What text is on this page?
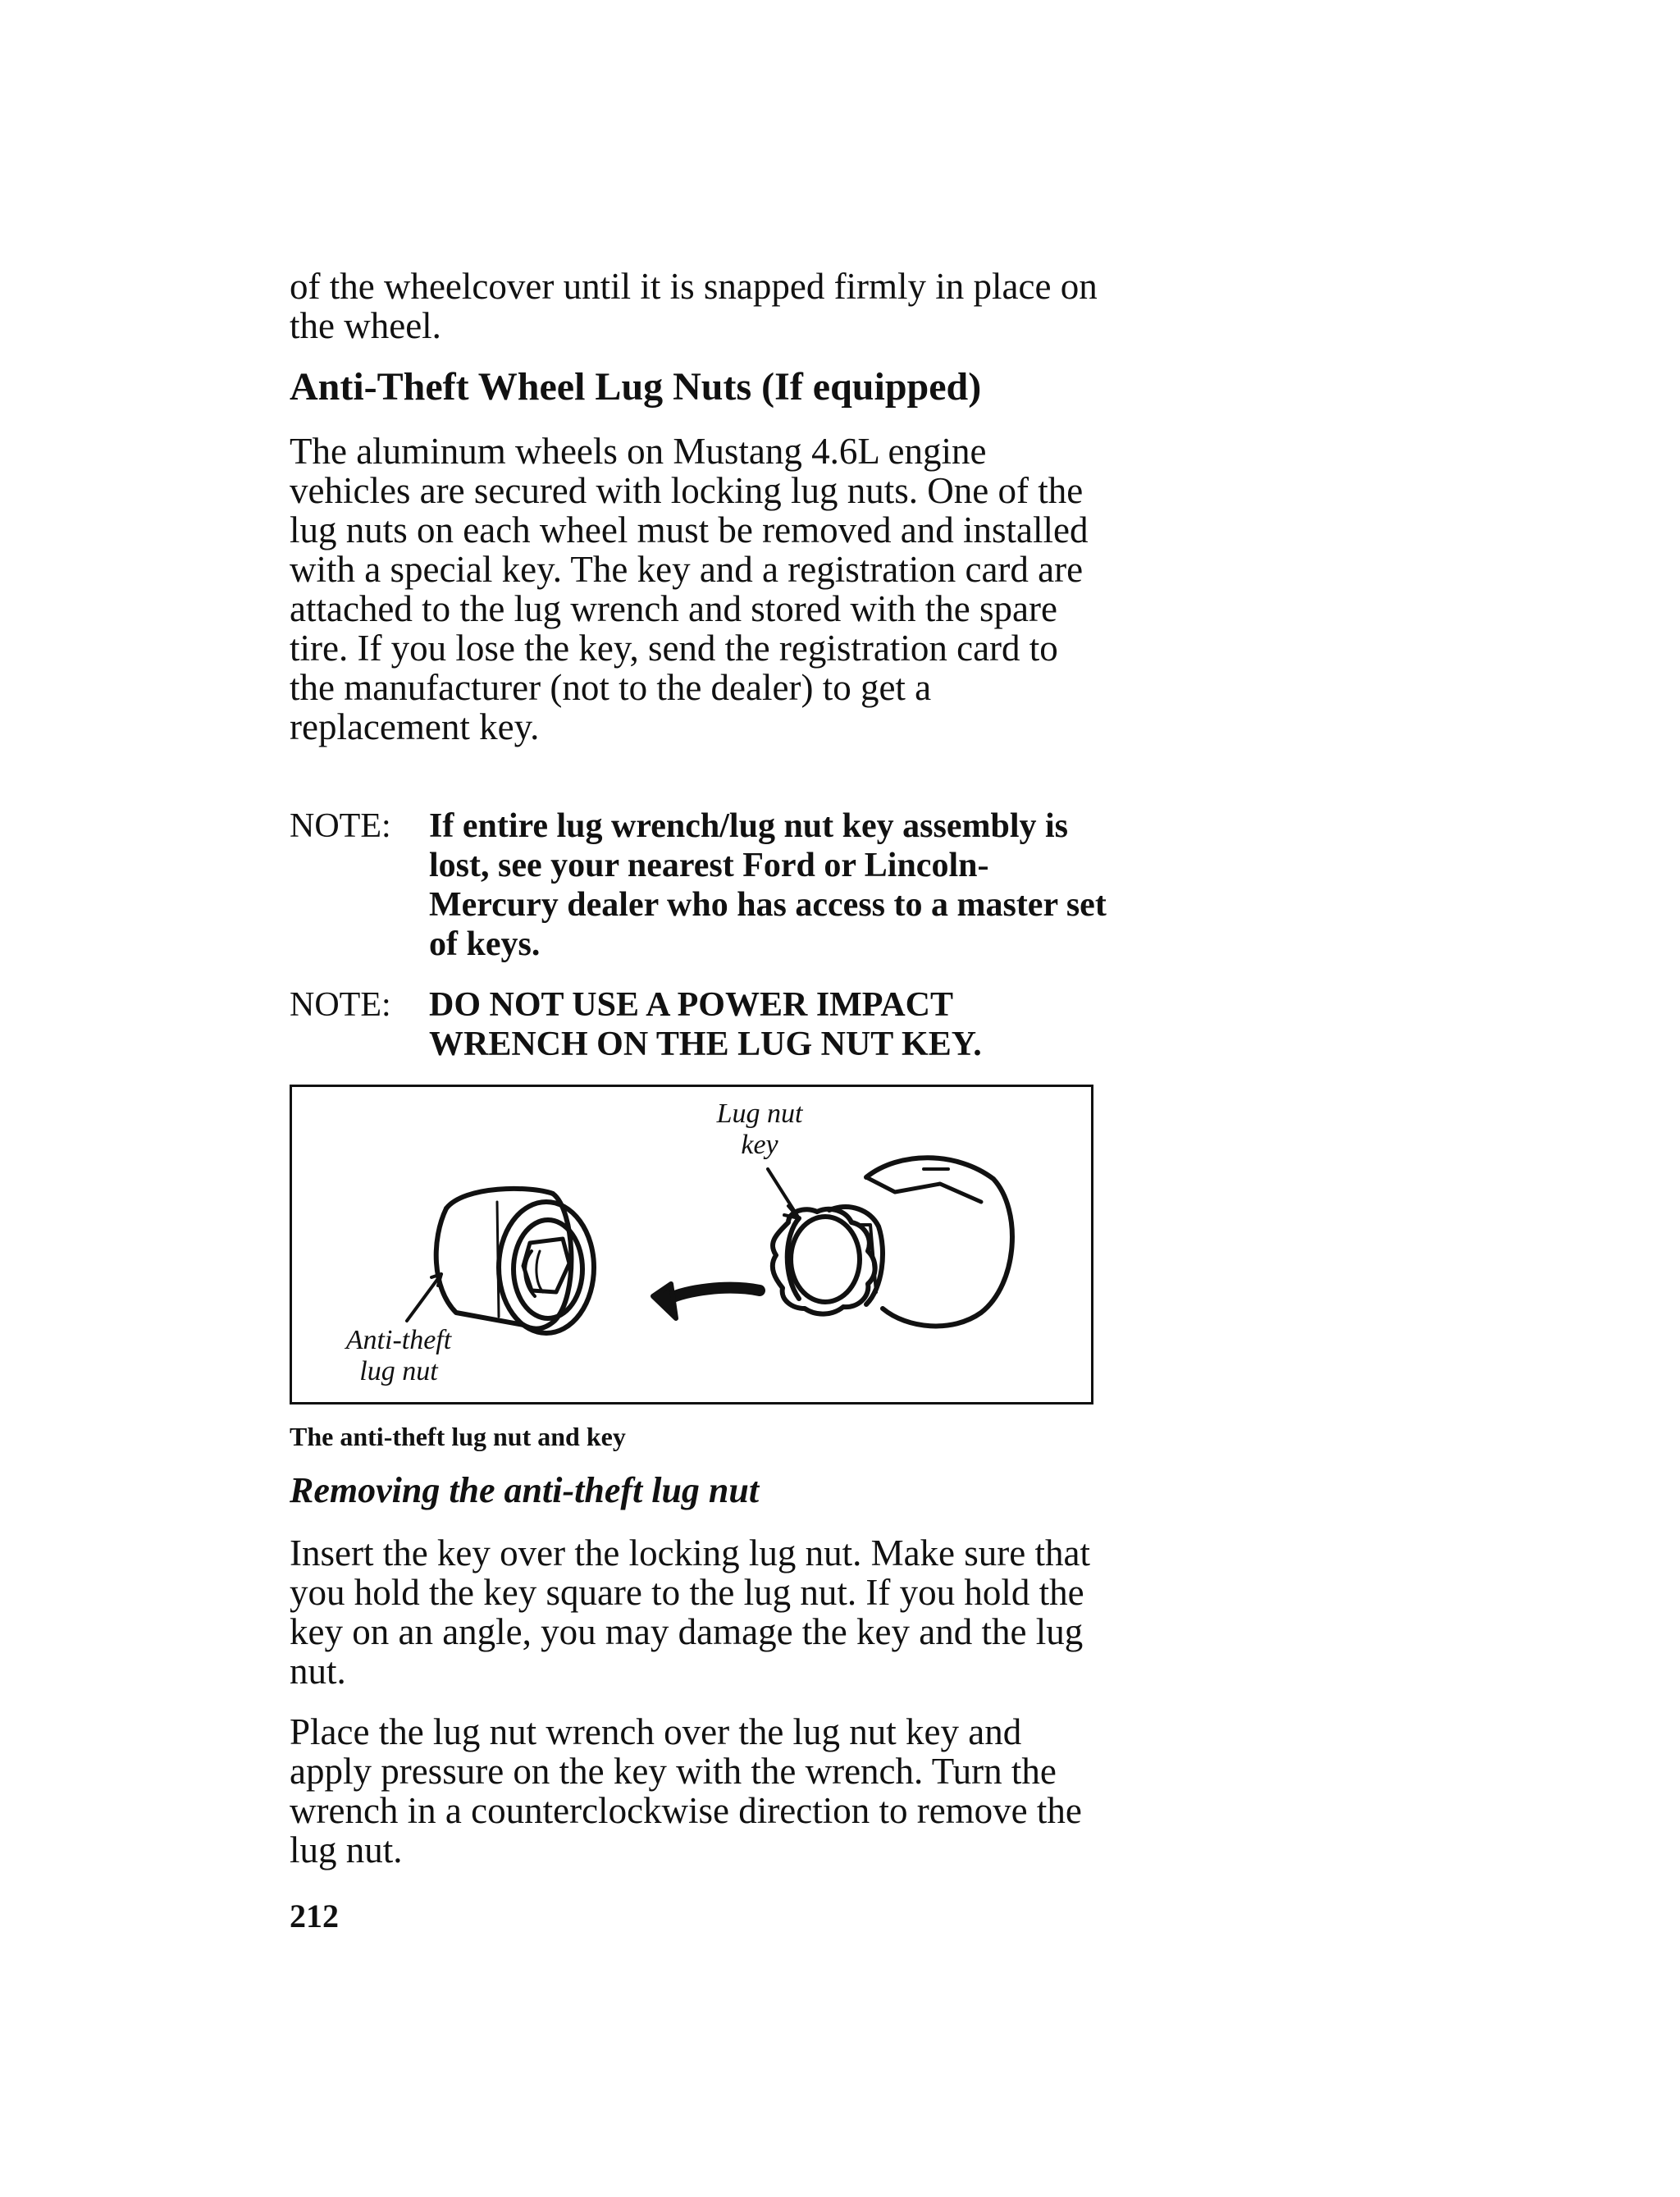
of the wheelcover until it is snapped firmly in place on the wheel.

Anti-Theft Wheel Lug Nuts (If equipped)

The aluminum wheels on Mustang 4.6L engine vehicles are secured with locking lug nuts. One of the lug nuts on each wheel must be removed and installed with a special key. The key and a registration card are attached to the lug wrench and stored with the spare tire. If you lose the key, send the registration card to the manufacturer (not to the dealer) to get a replacement key.

NOTE: If entire lug wrench/lug nut key assembly is lost, see your nearest Ford or Lincoln-Mercury dealer who has access to a master set of keys.
NOTE: DO NOT USE A POWER IMPACT WRENCH ON THE LUG NUT KEY.
Lug nut
key
Anti-theft
lug nut
The anti-theft lug nut and key
Removing the anti-theft lug nut

Insert the key over the locking lug nut. Make sure that you hold the key square to the lug nut. If you hold the key on an angle, you may damage the key and the lug nut.

Place the lug nut wrench over the lug nut key and apply pressure on the key with the wrench. Turn the wrench in a counterclockwise direction to remove the lug nut.

212
